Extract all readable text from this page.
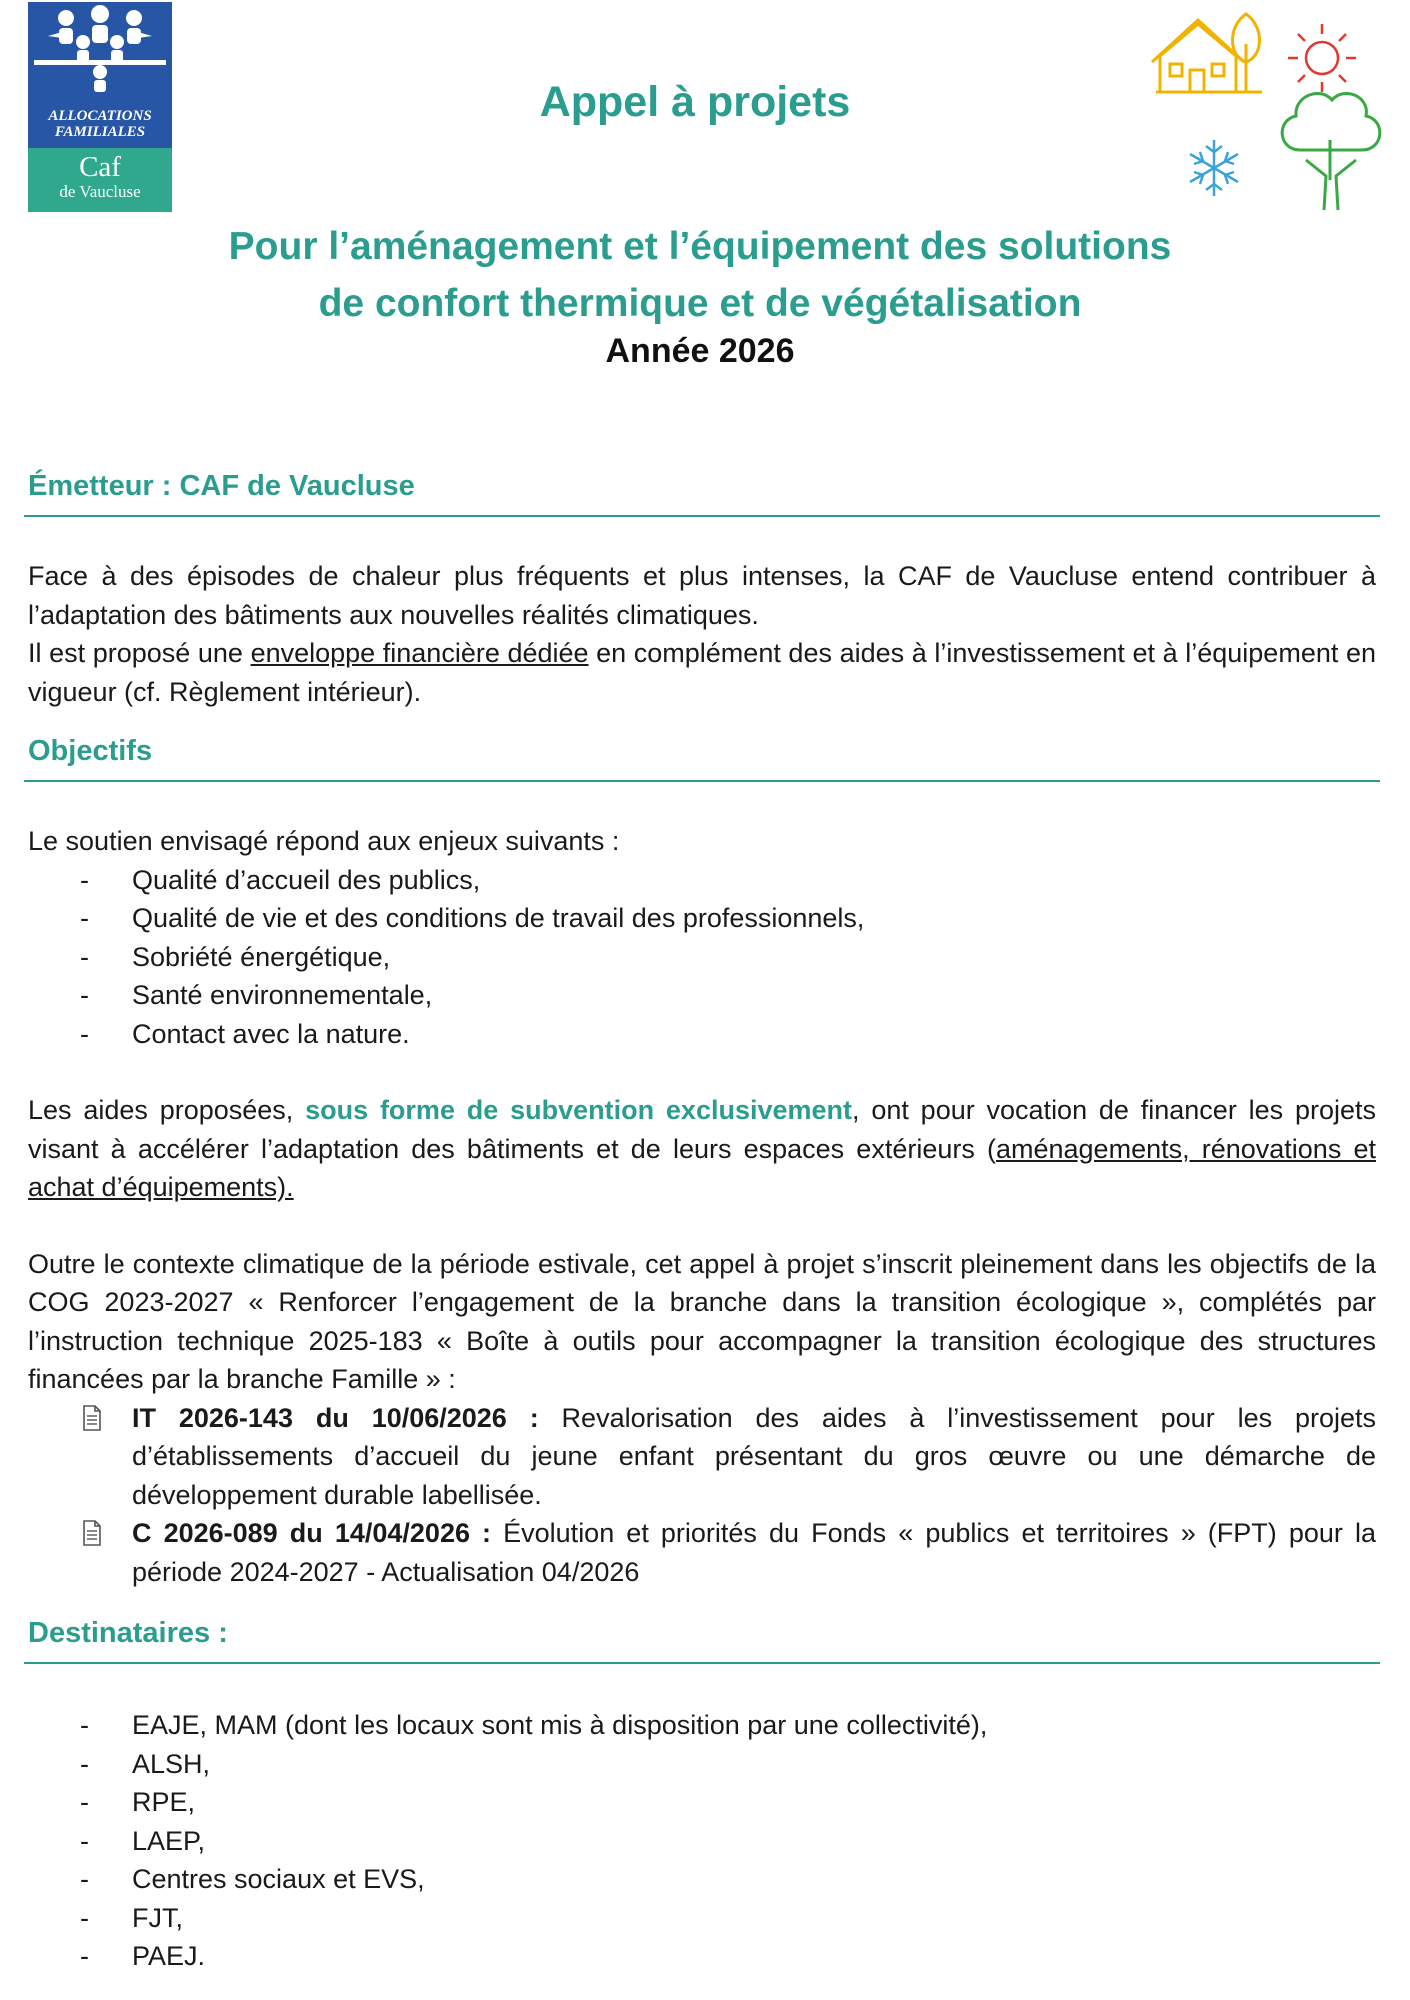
ALLOCATIONS
FAMILIALES
Caf
de Vaucluse
Appel à projets
Pour l’aménagement et l’équipement des solutions
de confort thermique et de végétalisation
Année 2026
Émetteur : CAF de Vaucluse

Face à des épisodes de chaleur plus fréquents et plus intenses, la CAF de Vaucluse entend contribuer à l’adaptation des bâtiments aux nouvelles réalités climatiques.

Il est proposé une enveloppe financière dédiée en complément des aides à l’investissement et à l’équipement en vigueur (cf. Règlement intérieur).

Objectifs

Le soutien envisagé répond aux enjeux suivants :

- Qualité d’accueil des publics,
- Qualité de vie et des conditions de travail des professionnels,
- Sobriété énergétique,
- Santé environnementale,
- Contact avec la nature.

Les aides proposées, sous forme de subvention exclusivement, ont pour vocation de financer les projets visant à accélérer l’adaptation des bâtiments et de leurs espaces extérieurs (aménagements, rénovations et achat d’équipements).

Outre le contexte climatique de la période estivale, cet appel à projet s’inscrit pleinement dans les objectifs de la COG 2023-2027 « Renforcer l’engagement de la branche dans la transition écologique », complétés par l’instruction technique 2025-183 « Boîte à outils pour accompagner la transition écologique des structures financées par la branche Famille » :

IT 2026-143 du 10/06/2026 : Revalorisation des aides à l’investissement pour les projets d’établissements d’accueil du jeune enfant présentant du gros œuvre ou une démarche de développement durable labellisée.
C 2026-089 du 14/04/2026 : Évolution et priorités du Fonds « publics et territoires » (FPT) pour la période 2024-2027 - Actualisation 04/2026
Destinataires :
- EAJE, MAM (dont les locaux sont mis à disposition par une collectivité),
- ALSH,
- RPE,
- LAEP,
- Centres sociaux et EVS,
- FJT,
- PAEJ.
